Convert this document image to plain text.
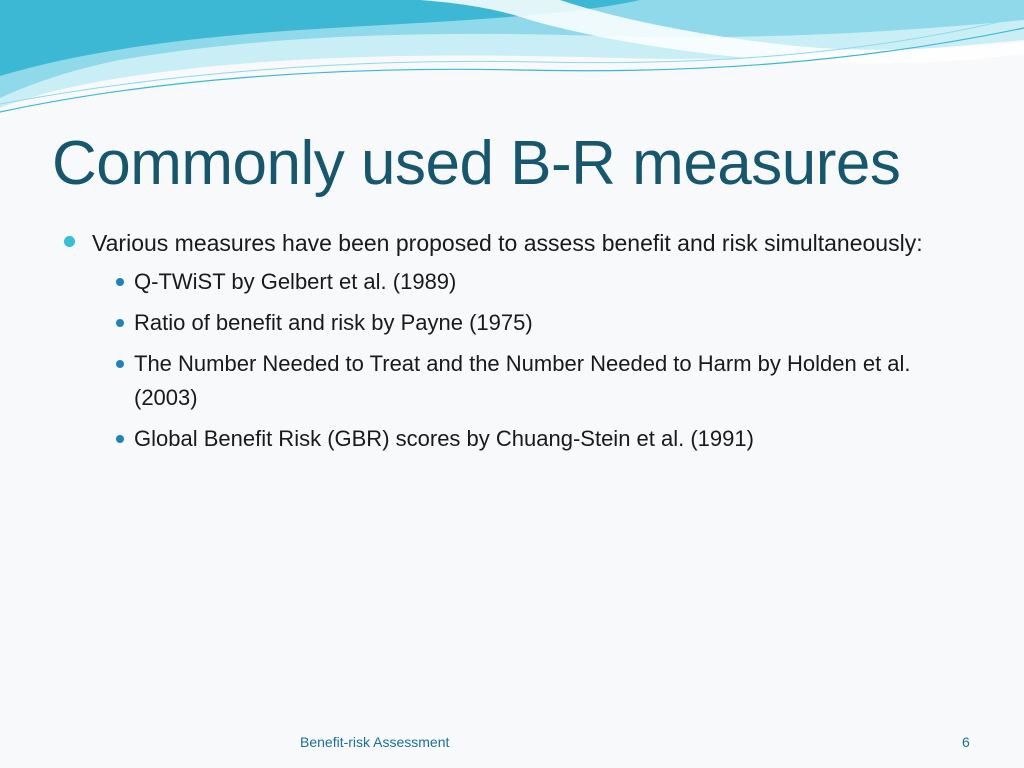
Commonly used B-R measures
Various measures have been proposed to assess benefit and risk simultaneously:
Q-TWiST by Gelbert et al. (1989)
Ratio of benefit and risk by Payne (1975)
The Number Needed to Treat and the Number Needed to Harm by Holden et al. (2003)
Global Benefit Risk (GBR) scores by Chuang-Stein et al. (1991)
Benefit-risk Assessment	6
